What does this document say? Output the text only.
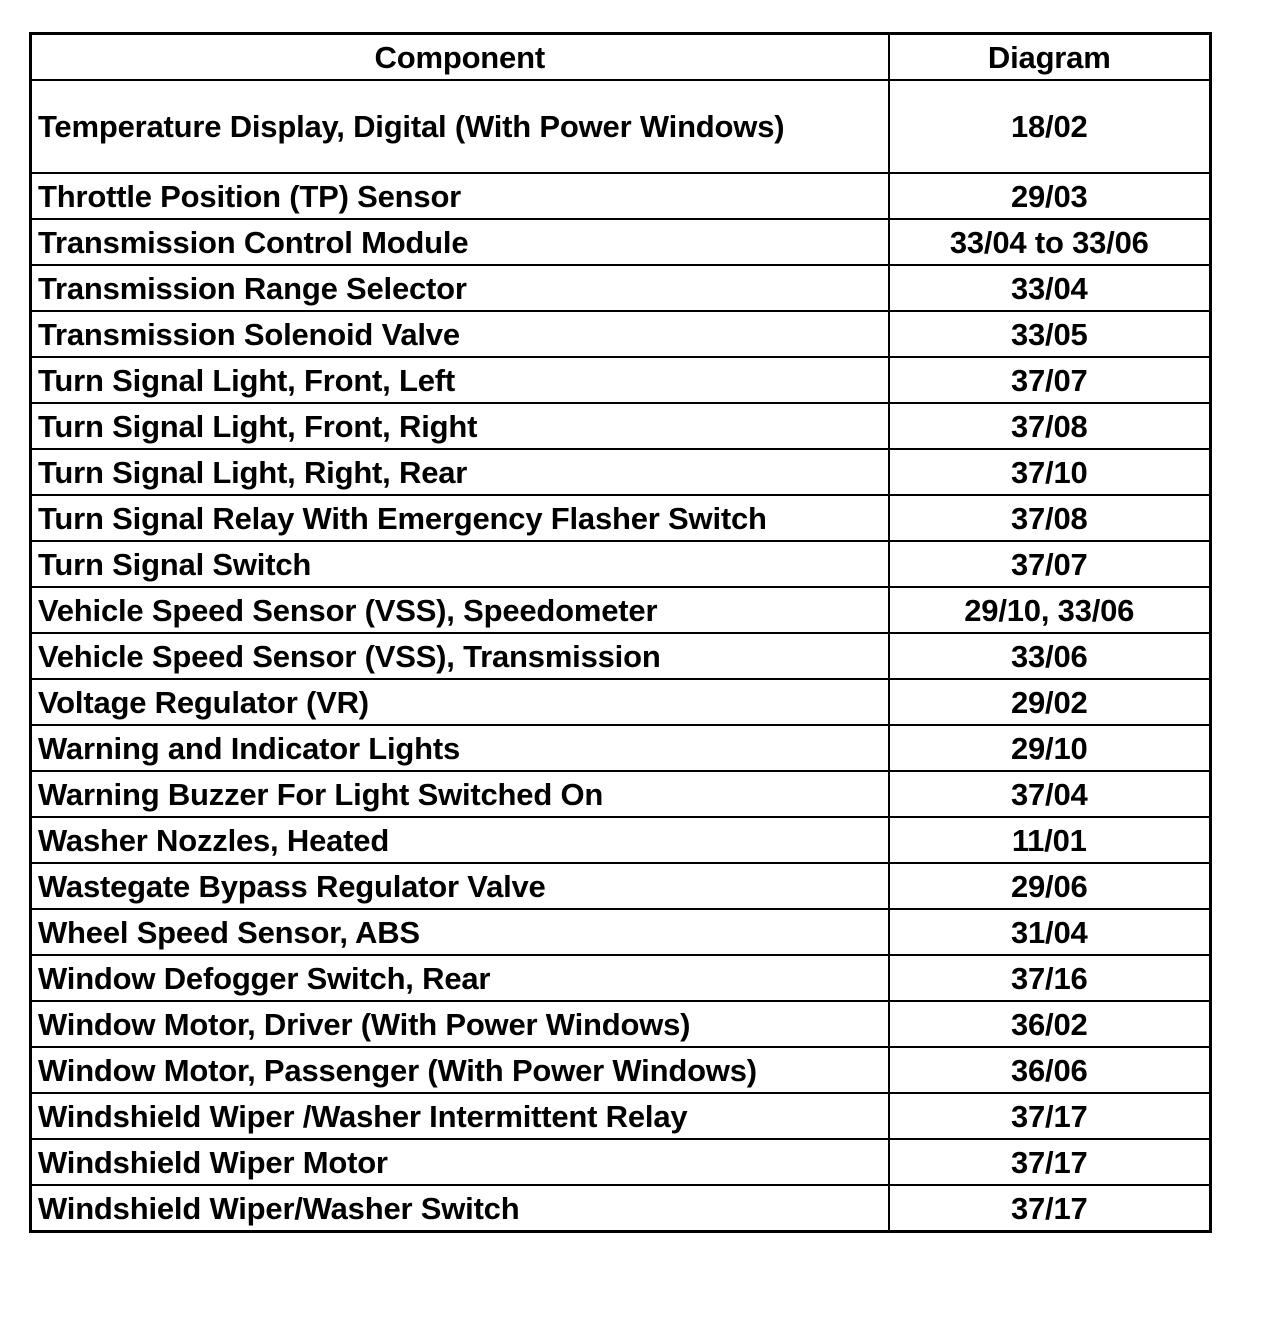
Component	Diagram
Temperature Display, Digital (With Power Windows)	18/02
Throttle Position (TP) Sensor	29/03
Transmission Control Module	33/04 to 33/06
Transmission Range Selector	33/04
Transmission Solenoid Valve	33/05
Turn Signal Light, Front, Left	37/07
Turn Signal Light, Front, Right	37/08
Turn Signal Light, Right, Rear	37/10
Turn Signal Relay With Emergency Flasher Switch	37/08
Turn Signal Switch	37/07
Vehicle Speed Sensor (VSS), Speedometer	29/10, 33/06
Vehicle Speed Sensor (VSS), Transmission	33/06
Voltage Regulator (VR)	29/02
Warning and Indicator Lights	29/10
Warning Buzzer For Light Switched On	37/04
Washer Nozzles, Heated	11/01
Wastegate Bypass Regulator Valve	29/06
Wheel Speed Sensor, ABS	31/04
Window Defogger Switch, Rear	37/16
Window Motor, Driver (With Power Windows)	36/02
Window Motor, Passenger (With Power Windows)	36/06
Windshield Wiper /Washer Intermittent Relay	37/17
Windshield Wiper Motor	37/17
Windshield Wiper/Washer Switch	37/17
